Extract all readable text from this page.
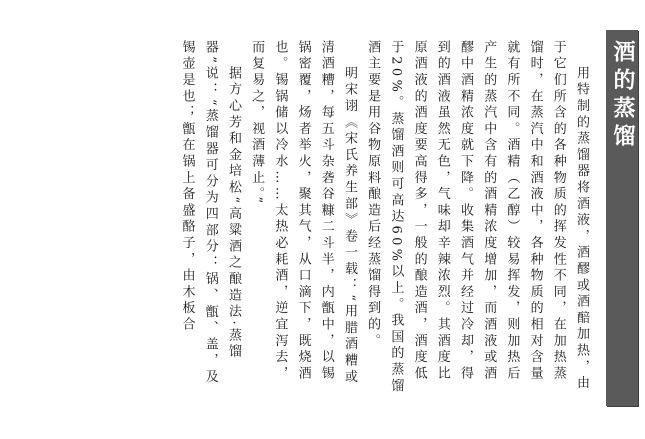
酒的蒸馏

用特制的蒸馏器将酒液，酒醪或酒醅加热，由于它们所含的各种物质的挥发性不同，在加热蒸馏时，在蒸汽中和酒液中，各种物质的相对含量就有所不同。酒精（乙醇）较易挥发，则加热后产生的蒸汽中含有的酒精浓度增加，而酒液或酒醪中酒精浓度就下降。收集酒气并经过冷却，得到的酒液虽然无色，气味却辛辣浓烈。其酒度比原酒液的酒度要高得多，一般的酿造酒，酒度低于20%。蒸馏酒则可高达60%以上。我国的蒸馏酒主要是用谷物原料酿造后经蒸馏得到的。

明宋诩《宋氏养生部》卷一载：“用腊酒糟或清酒糟，每五斗杂砻谷糠二斗半，内甑中，以锡锅密覆，炀者举火，聚其气，从口滴下，既烧酒也。锡锅储以冷水……太热必耗酒，逆宜泻去，而复易之，视酒薄止。”

据方心芳和金培松“高粱酒之酿造法·蒸馏器”说：“蒸馏器可分为四部分：锅、甑、盖，及锡壶是也；甑在锅上备盛酪子，由木板合
